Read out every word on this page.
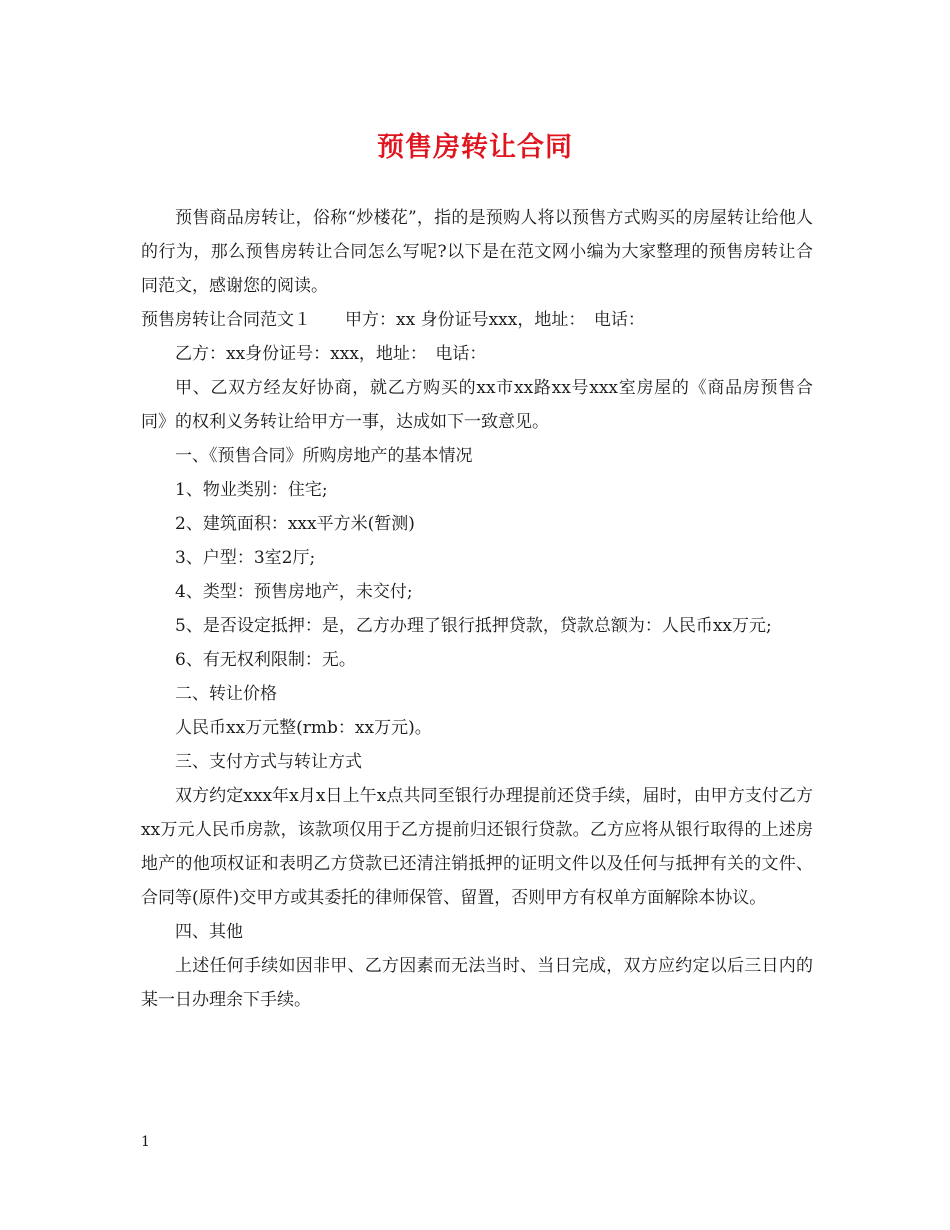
预售房转让合同

预售商品房转让，俗称“炒楼花”，指的是预购人将以预售方式购买的房屋转让给他人的行为，那么预售房转让合同怎么写呢?以下是在范文网小编为大家整理的预售房转让合同范文，感谢您的阅读。

预售房转让合同范文１　　甲方：xx 身份证号xxx，地址：　电话：

乙方：xx身份证号：xxx，地址：　电话：

甲、乙双方经友好协商，就乙方购买的xx市xx路xx号xxx室房屋的《商品房预售合同》的权利义务转让给甲方一事，达成如下一致意见。

一、《预售合同》所购房地产的基本情况

1、物业类别：住宅;

2、建筑面积：xxx平方米(暂测)

3、户型：3室2厅;

4、类型：预售房地产，未交付;

5、是否设定抵押：是，乙方办理了银行抵押贷款，贷款总额为：人民币xx万元;

6、有无权利限制：无。

二、转让价格

人民币xx万元整(rmb：xx万元)。

三、支付方式与转让方式

双方约定xxx年x月x日上午x点共同至银行办理提前还贷手续，届时，由甲方支付乙方xx万元人民币房款，该款项仅用于乙方提前归还银行贷款。乙方应将从银行取得的上述房地产的他项权证和表明乙方贷款已还清注销抵押的证明文件以及任何与抵押有关的文件、合同等(原件)交甲方或其委托的律师保管、留置，否则甲方有权单方面解除本协议。

四、其他

上述任何手续如因非甲、乙方因素而无法当时、当日完成，双方应约定以后三日内的某一日办理余下手续。

1
